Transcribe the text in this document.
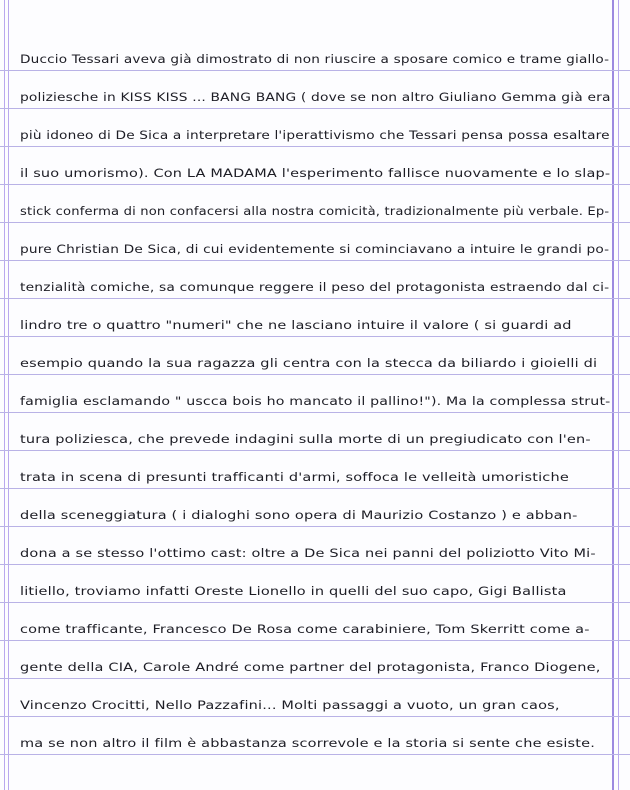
Duccio Tessari aveva già dimostrato di non riuscire a sposare comico e trame giallo-
poliziesche in KISS KISS ... BANG BANG ( dove se non altro Giuliano Gemma già era
più idoneo di De Sica a interpretare l'iperattivismo che Tessari pensa possa esaltare
il suo umorismo). Con LA MADAMA l'esperimento fallisce nuovamente e lo slap-
stick conferma di non confacersi alla nostra comicità, tradizionalmente più verbale. Ep-
pure Christian De Sica, di cui evidentemente si cominciavano a intuire le grandi po-
tenzialità comiche, sa comunque reggere il peso del protagonista estraendo dal ci-
lindro tre o quattro "numeri" che ne lasciano intuire il valore ( si guardi ad
esempio quando la sua ragazza gli centra con la stecca da biliardo i gioielli di
famiglia esclamando " uscca bois ho mancato il pallino!"). Ma la complessa strut-
tura poliziesca, che prevede indagini sulla morte di un pregiudicato con l'en-
trata in scena di presunti trafficanti d'armi, soffoca le velleità umoristiche
della sceneggiatura ( i dialoghi sono opera di Maurizio Costanzo ) e abban-
dona a se stesso l'ottimo cast: oltre a De Sica nei panni del poliziotto Vito Mi-
litiello, troviamo infatti Oreste Lionello in quelli del suo capo, Gigi Ballista
come trafficante, Francesco De Rosa come carabiniere, Tom Skerritt come a-
gente della CIA, Carole André come partner del protagonista, Franco Diogene,
Vincenzo Crocitti, Nello Pazzafini... Molti passaggi a vuoto, un gran caos,
ma se non altro il film è abbastanza scorrevole e la storia si sente che esiste.
